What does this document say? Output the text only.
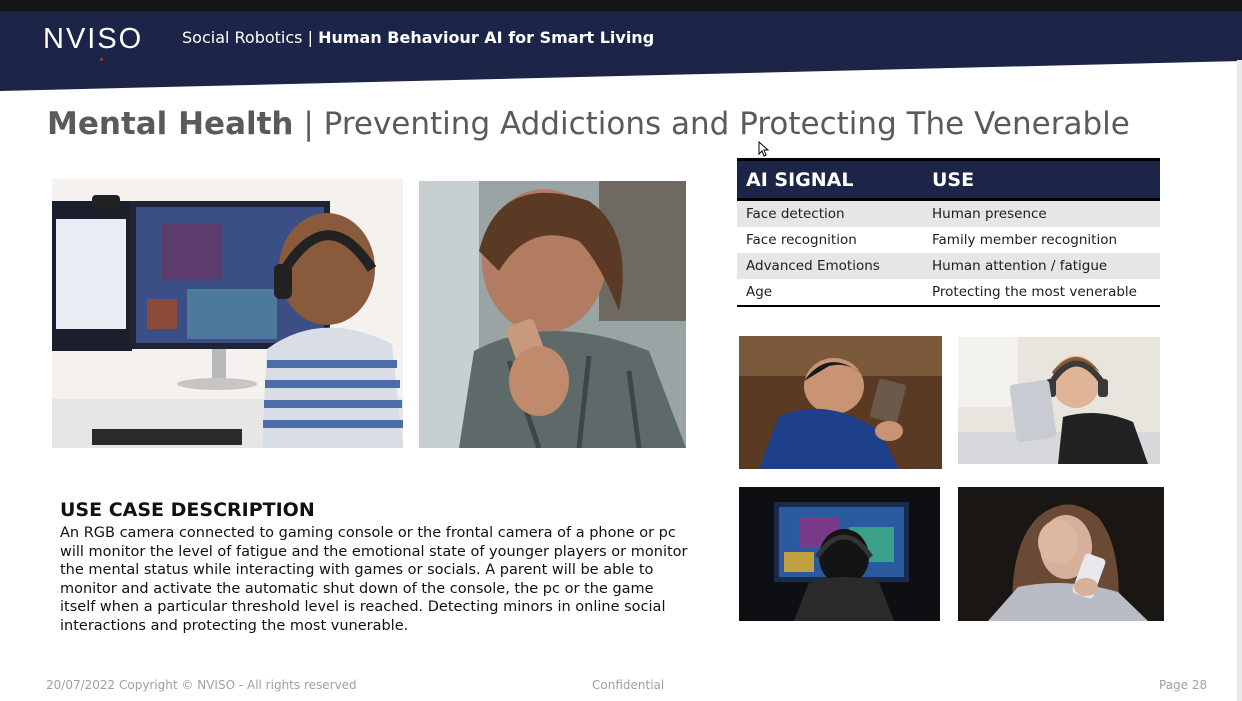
NVISO Social Robotics | Human Behaviour AI for Smart Living
Mental Health | Preventing Addictions and Protecting The Venerable
AI SIGNAL	USE
Face detection	Human presence
Face recognition	Family member recognition
Advanced Emotions	Human attention / fatigue
Age	Protecting the most venerable
USE CASE DESCRIPTION

An RGB camera connected to gaming console or the frontal camera of a phone or pc will monitor the level of fatigue and the emotional state of younger players or monitor the mental status while interacting with games or socials. A parent will be able to monitor and activate the automatic shut down of the console, the pc or the game itself when a particular threshold level is reached. Detecting minors in online social interactions and protecting the most vunerable.

20/07/2022 Copyright © NVISO - All rights reserved	Confidential	Page 28
